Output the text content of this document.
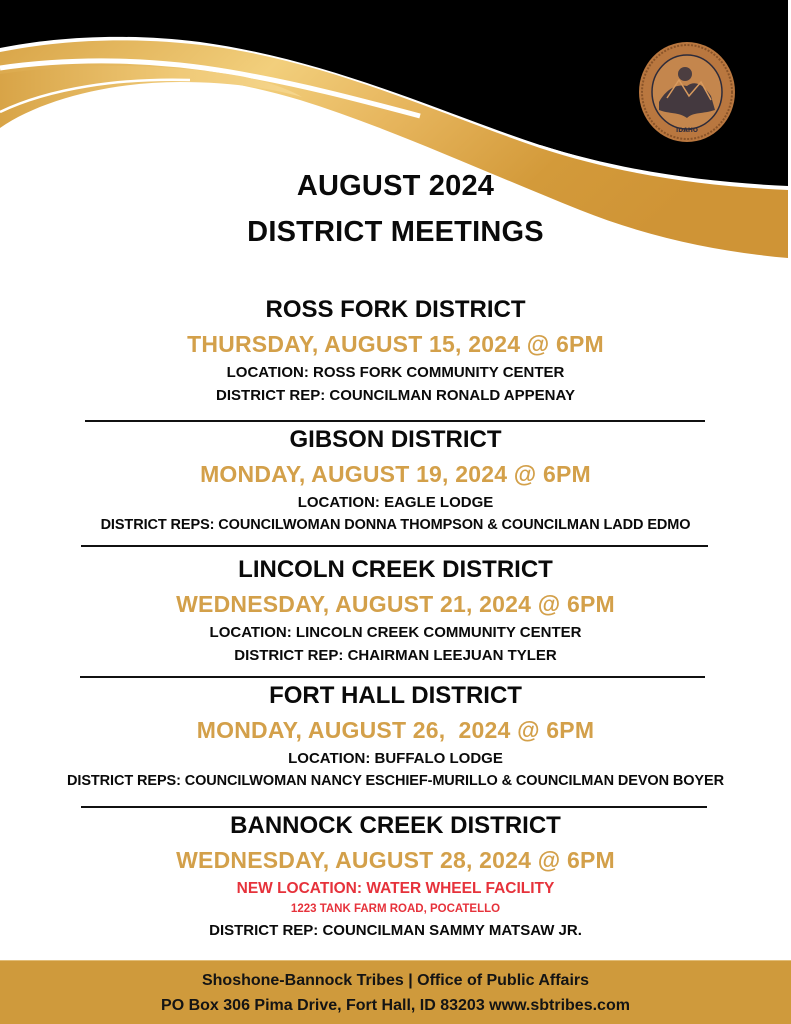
IDAHO
AUGUST 2024
DISTRICT MEETINGS
ROSS FORK DISTRICT
THURSDAY, AUGUST 15, 2024 @ 6PM
LOCATION: ROSS FORK COMMUNITY CENTER
DISTRICT REP: COUNCILMAN RONALD APPENAY
GIBSON DISTRICT
MONDAY, AUGUST 19, 2024 @ 6PM
LOCATION: EAGLE LODGE
DISTRICT REPS: COUNCILWOMAN DONNA THOMPSON & COUNCILMAN LADD EDMO
LINCOLN CREEK DISTRICT
WEDNESDAY, AUGUST 21, 2024 @ 6PM
LOCATION: LINCOLN CREEK COMMUNITY CENTER
DISTRICT REP: CHAIRMAN LEEJUAN TYLER
FORT HALL DISTRICT
MONDAY, AUGUST 26,  2024 @ 6PM
LOCATION: BUFFALO LODGE
DISTRICT REPS: COUNCILWOMAN NANCY ESCHIEF-MURILLO & COUNCILMAN DEVON BOYER
BANNOCK CREEK DISTRICT
WEDNESDAY, AUGUST 28, 2024 @ 6PM
NEW LOCATION: WATER WHEEL FACILITY
1223 TANK FARM ROAD, POCATELLO
DISTRICT REP: COUNCILMAN SAMMY MATSAW JR.
Shoshone-Bannock Tribes | Office of Public Affairs
PO Box 306 Pima Drive, Fort Hall, ID 83203 www.sbtribes.com
